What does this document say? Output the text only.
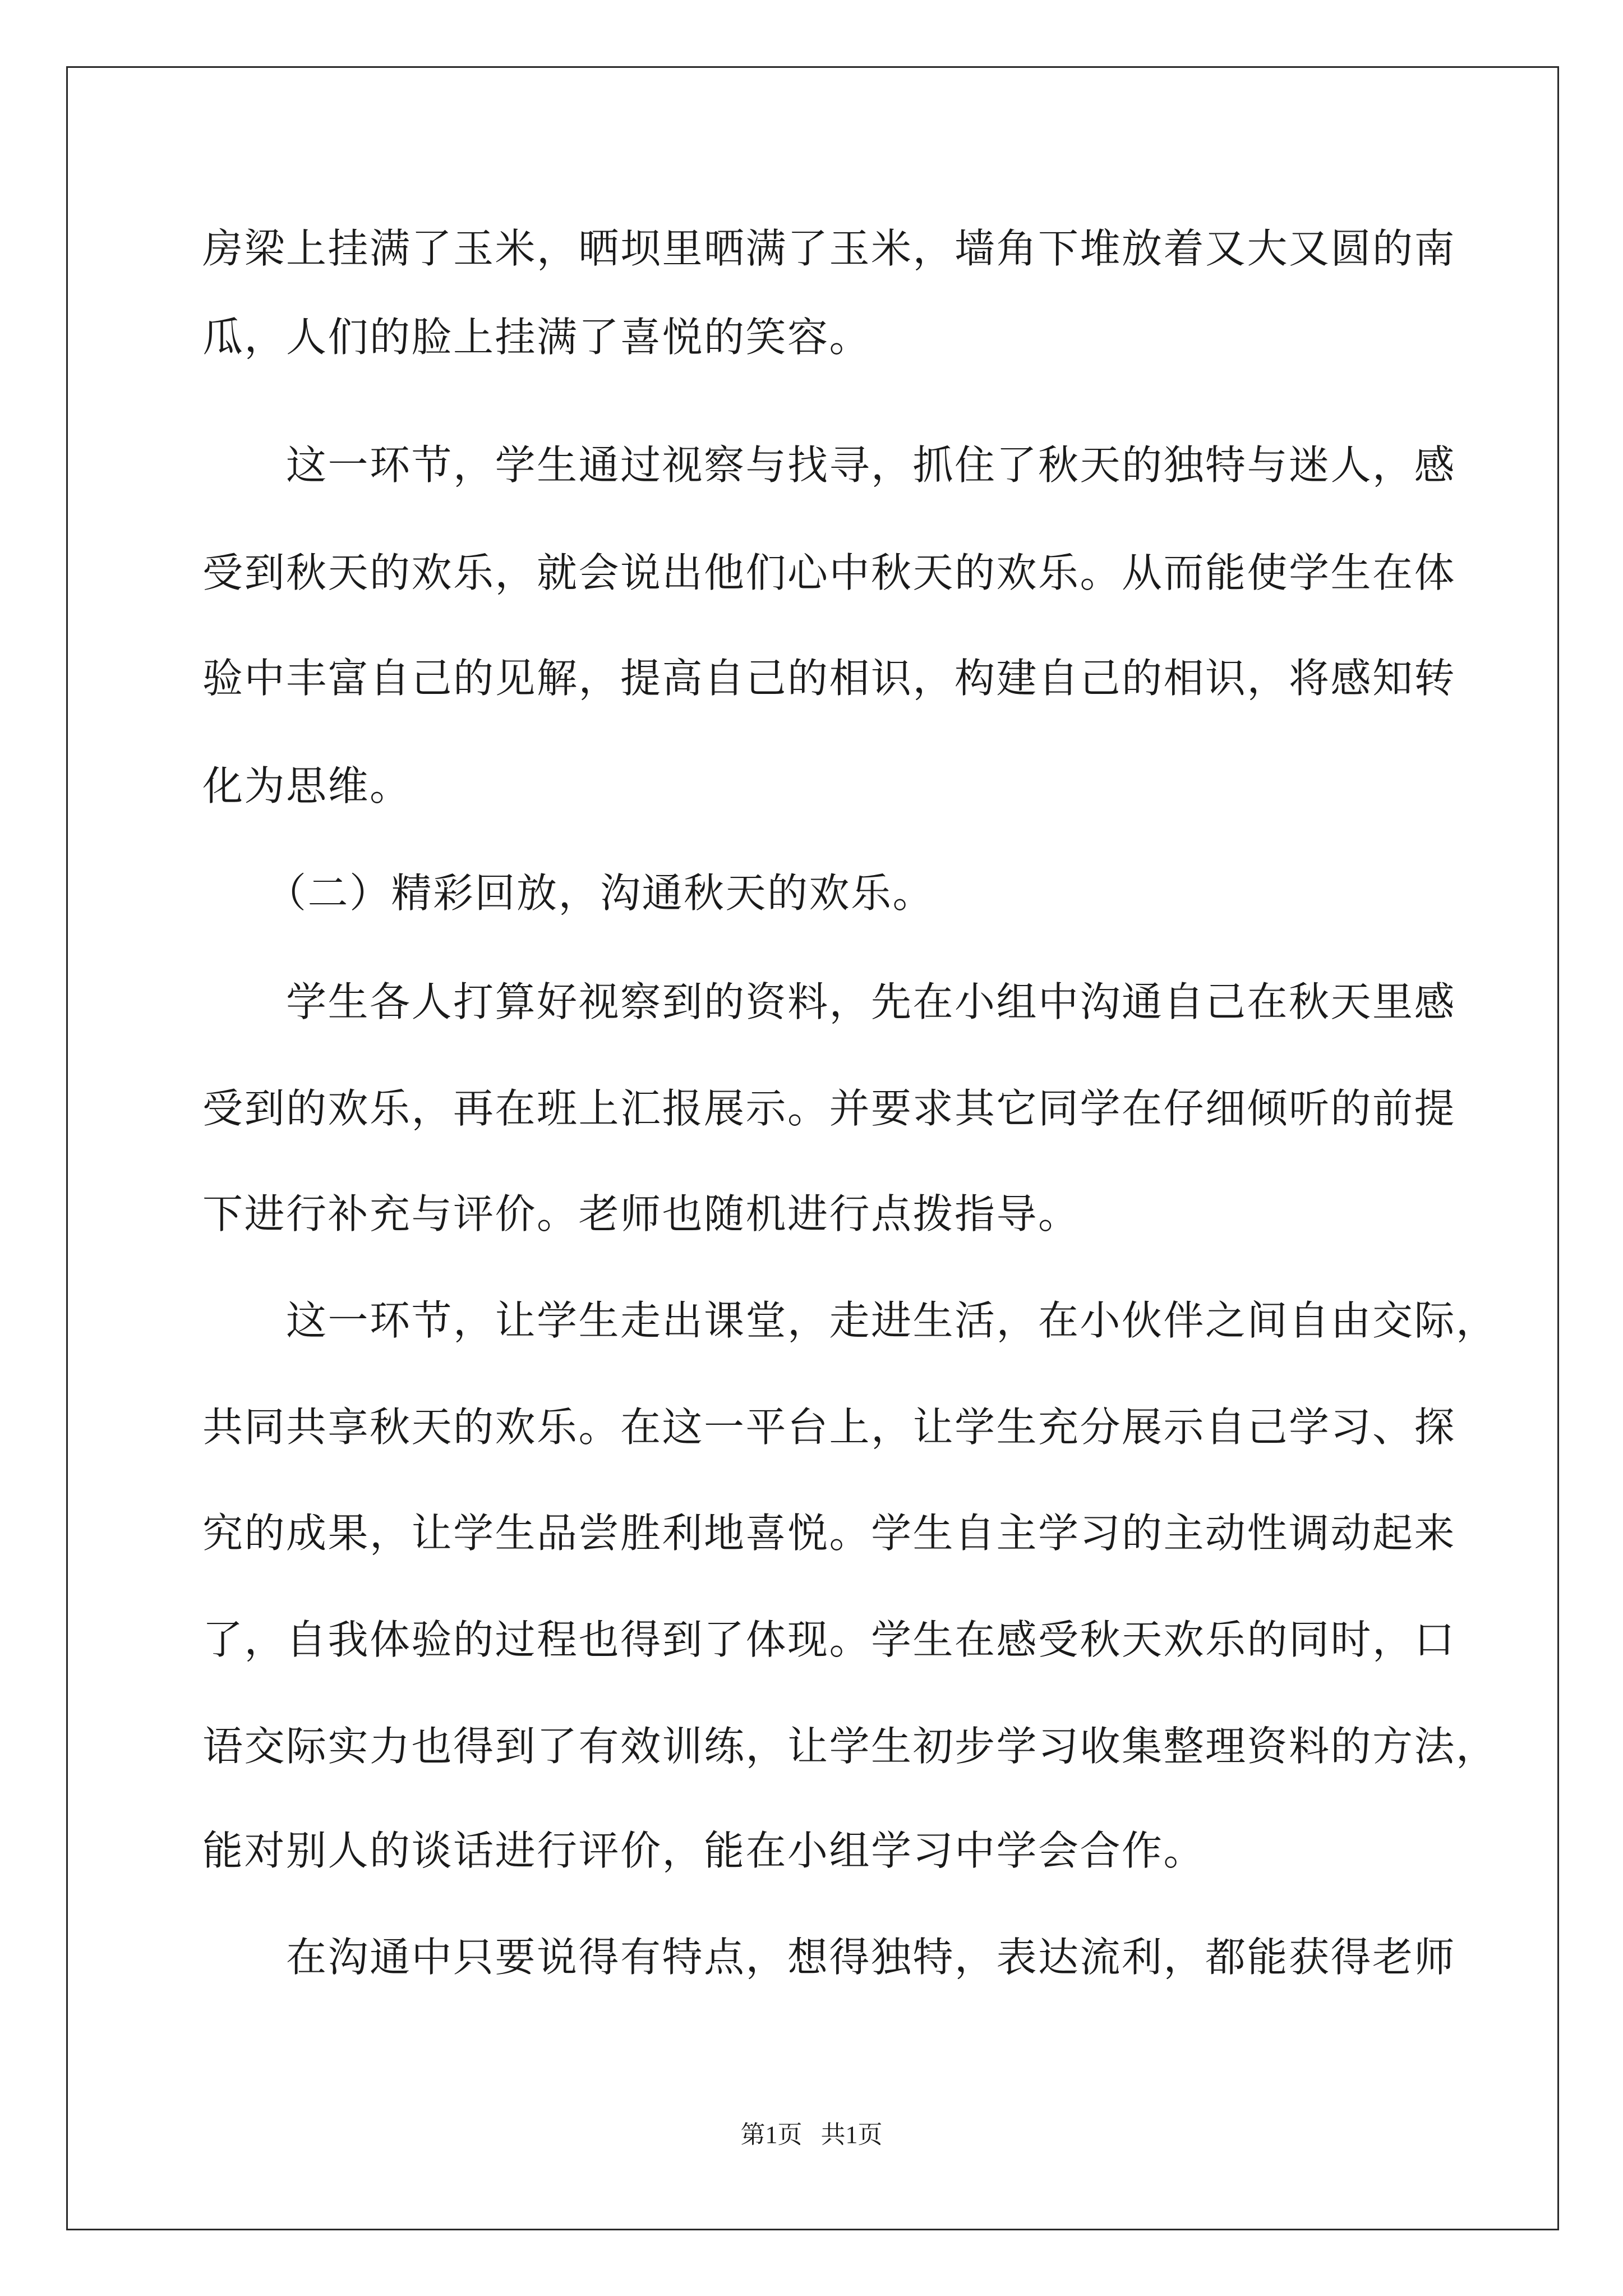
房梁上挂满了玉米，晒坝里晒满了玉米，墙角下堆放着又大又圆的南
瓜，人们的脸上挂满了喜悦的笑容。
　　这一环节，学生通过视察与找寻，抓住了秋天的独特与迷人，感
受到秋天的欢乐，就会说出他们心中秋天的欢乐。从而能使学生在体
验中丰富自己的见解，提高自己的相识，构建自己的相识，将感知转
化为思维。
　　（二）精彩回放，沟通秋天的欢乐。
　　学生各人打算好视察到的资料，先在小组中沟通自己在秋天里感
受到的欢乐，再在班上汇报展示。并要求其它同学在仔细倾听的前提
下进行补充与评价。老师也随机进行点拨指导。
　　这一环节，让学生走出课堂，走进生活，在小伙伴之间自由交际，
共同共享秋天的欢乐。在这一平台上，让学生充分展示自己学习、探
究的成果，让学生品尝胜利地喜悦。学生自主学习的主动性调动起来
了，自我体验的过程也得到了体现。学生在感受秋天欢乐的同时，口
语交际实力也得到了有效训练，让学生初步学习收集整理资料的方法，
能对别人的谈话进行评价，能在小组学习中学会合作。
　　在沟通中只要说得有特点，想得独特，表达流利，都能获得老师
第1页   共1页
